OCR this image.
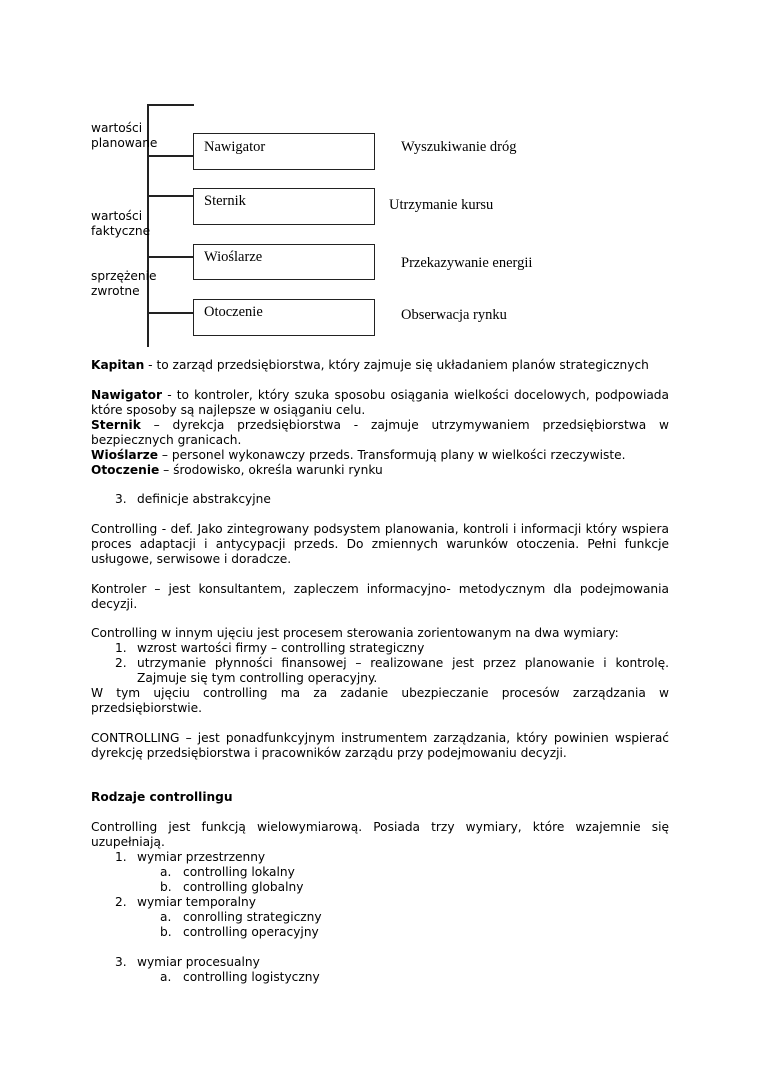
wartości
planowane
wartości
faktyczne
sprzężenie
zwrotne
Nawigator
Sternik
Wioślarze
Otoczenie
Wyszukiwanie dróg
Utrzymanie kursu
Przekazywanie energii
Obserwacja rynku
Kapitan - to zarząd przedsiębiorstwa, który zajmuje się układaniem planów strategicznych
Nawigator - to kontroler, który szuka sposobu osiągania wielkości docelowych, podpowiada które sposoby są najlepsze w osiąganiu celu.
Sternik – dyrekcja przedsiębiorstwa - zajmuje utrzymywaniem przedsiębiorstwa w bezpiecznych granicach.
Wioślarze – personel wykonawczy przeds. Transformują plany w wielkości rzeczywiste.
Otoczenie – środowisko, określa warunki rynku
3. definicje abstrakcyjne
Controlling - def. Jako zintegrowany podsystem planowania, kontroli i informacji który wspiera proces adaptacji i antycypacji przeds. Do zmiennych warunków otoczenia. Pełni funkcje usługowe, serwisowe i doradcze.
Kontroler – jest konsultantem, zapleczem informacyjno- metodycznym dla podejmowania decyzji.
Controlling w innym ujęciu jest procesem sterowania zorientowanym na dwa wymiary:
1. wzrost wartości firmy – controlling strategiczny
2. utrzymanie płynności finansowej – realizowane jest przez planowanie i kontrolę. Zajmuje się tym controlling operacyjny.
W tym ujęciu controlling ma za zadanie ubezpieczanie procesów zarządzania w przedsiębiorstwie.
CONTROLLING – jest ponadfunkcyjnym instrumentem zarządzania, który powinien wspierać dyrekcję przedsiębiorstwa i pracowników zarządu przy podejmowaniu decyzji.
Rodzaje controllingu
Controlling jest funkcją wielowymiarową. Posiada trzy wymiary, które wzajemnie się uzupełniają.
1. wymiar przestrzenny
a. controlling lokalny
b. controlling globalny
2. wymiar temporalny
a. conrolling strategiczny
b. controlling operacyjny
3. wymiar procesualny
a. controlling logistyczny
